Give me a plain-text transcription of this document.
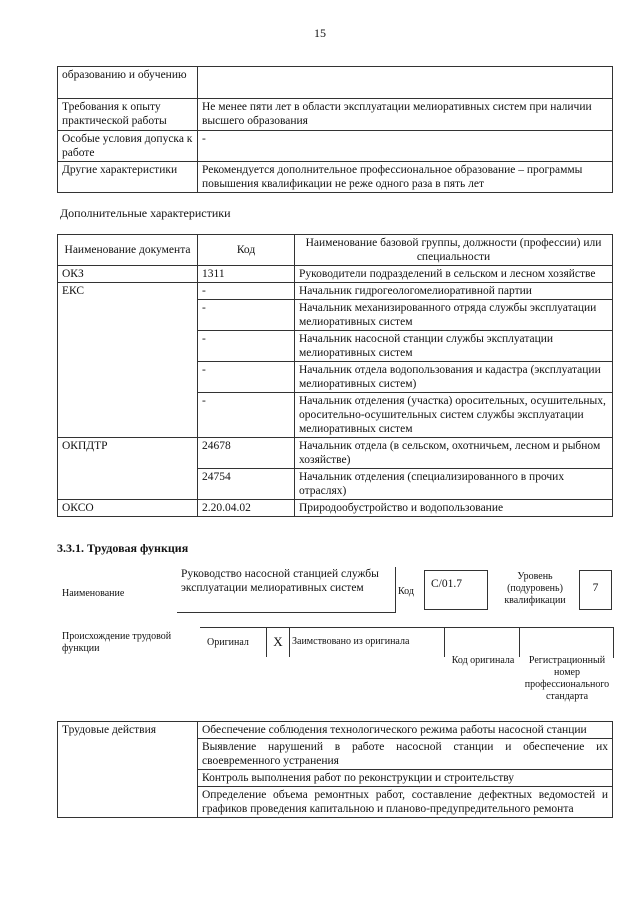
15
образованию и обучению	
Требования к опыту практической работы	Не менее пяти лет в области эксплуатации мелиоративных систем при наличии высшего образования
Особые условия допуска к работе	-
Другие характеристики	Рекомендуется дополнительное профессиональное образование – программы повышения квалификации не реже одного раза в пять лет
Дополнительные характеристики
Наименование документа	Код	Наименование базовой группы, должности (профессии) или специальности
ОКЗ	1311	Руководители подразделений в сельском и лесном хозяйстве
ЕКС	-	Начальник гидрогеологомелиоративной партии
	-	Начальник механизированного отряда службы эксплуатации мелиоративных систем
	-	Начальник насосной станции службы эксплуатации мелиоративных систем
	-	Начальник отдела водопользования и кадастра (эксплуатации мелиоративных систем)
	-	Начальник отделения (участка) оросительных, осушительных, оросительно-осушительных систем службы эксплуатации мелиоративных систем
ОКПДТР	24678	Начальник отдела (в сельском, охотничьем, лесном и рыбном хозяйстве)
	24754	Начальник отделения (специализированного в прочих отраслях)
ОКСО	2.20.04.02	Природообустройство и водопользование
3.3.1. Трудовая функция
Наименование
Руководство насосной станцией службы эксплуатации мелиоративных систем	Код
C/01.7
Уровень (подуровень) квалификации
7
Происхождение трудовой функции
Оригинал	X Заимствовано из оригинала
Код оригинала	Регистрационный номер профессионального стандарта
Трудовые действия	Обеспечение соблюдения технологического режима работы насосной станции
Выявление нарушений в работе насосной станции и обеспечение их своевременного устранения
Контроль выполнения работ по реконструкции и строительству
Определение объема ремонтных работ, составление дефектных ведомостей и графиков проведения капитальною и планово-предупредительного ремонта
